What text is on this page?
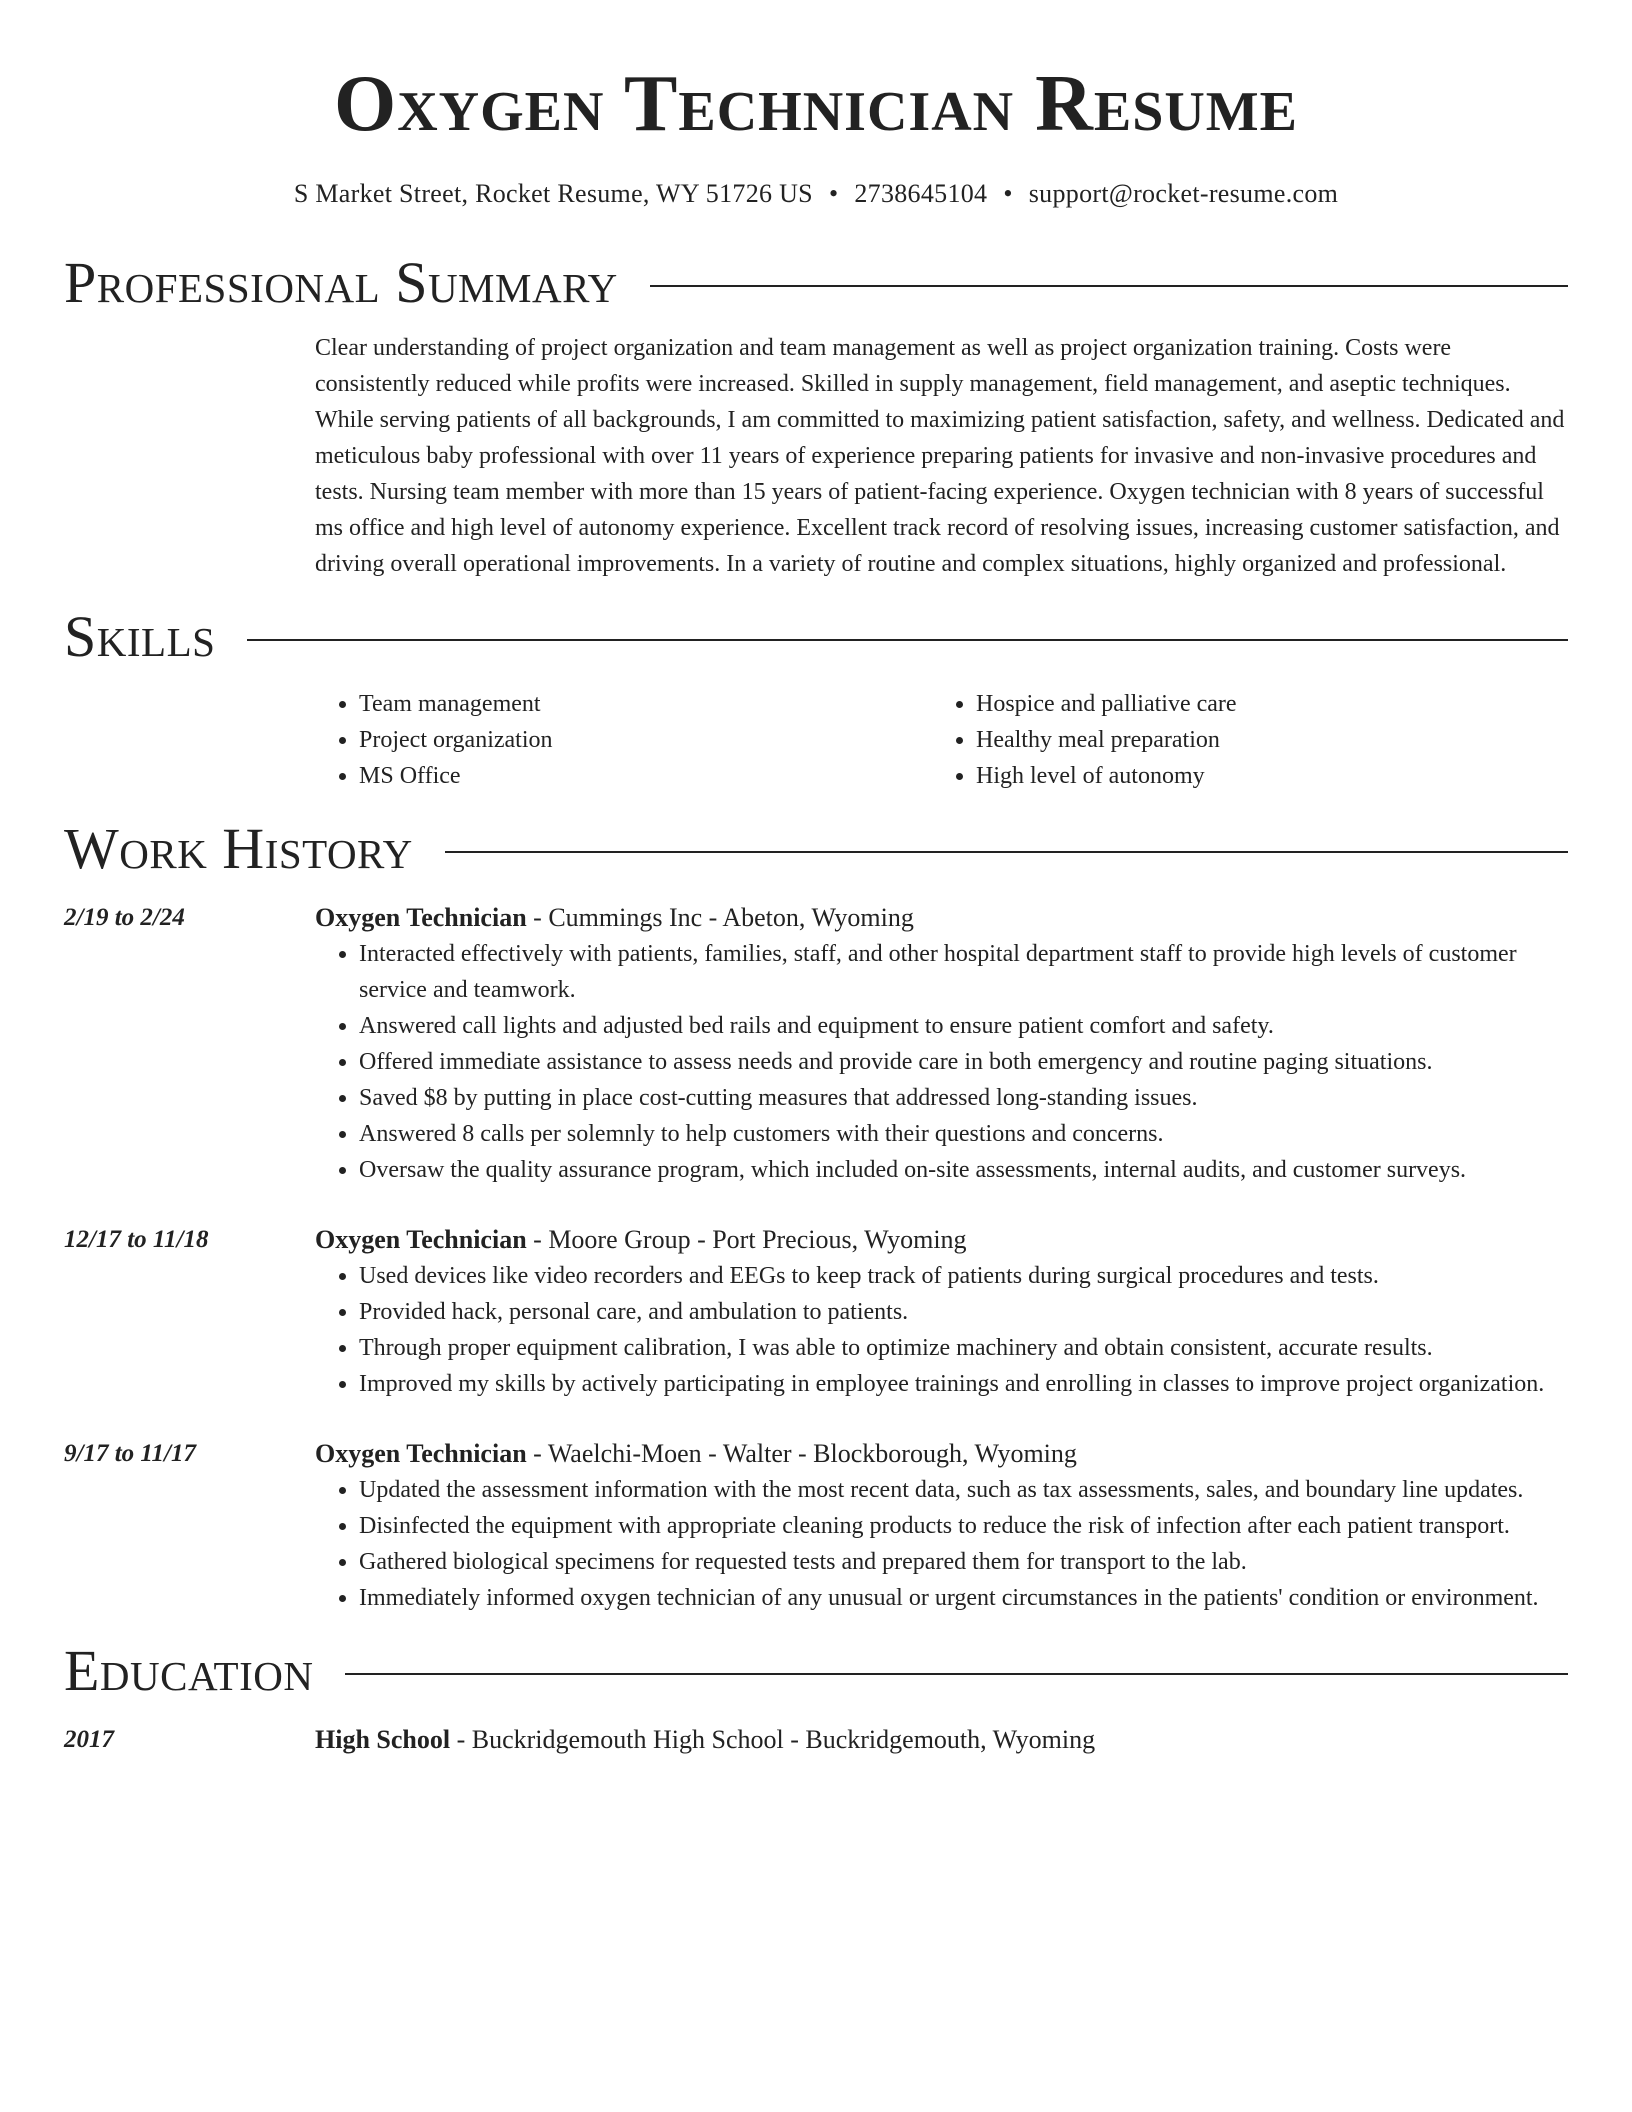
Oxygen Technician Resume
S Market Street, Rocket Resume, WY 51726 US • 2738645104 • support@rocket-resume.com
Professional Summary
Clear understanding of project organization and team management as well as project organization training. Costs were consistently reduced while profits were increased. Skilled in supply management, field management, and aseptic techniques. While serving patients of all backgrounds, I am committed to maximizing patient satisfaction, safety, and wellness. Dedicated and meticulous baby professional with over 11 years of experience preparing patients for invasive and non-invasive procedures and tests. Nursing team member with more than 15 years of patient-facing experience. Oxygen technician with 8 years of successful ms office and high level of autonomy experience. Excellent track record of resolving issues, increasing customer satisfaction, and driving overall operational improvements. In a variety of routine and complex situations, highly organized and professional.
Skills
• Team management
• Project organization
• MS Office
• Hospice and palliative care
• Healthy meal preparation
• High level of autonomy
Work History
2/19 to 2/24	Oxygen Technician - Cummings Inc - Abeton, Wyoming
• Interacted effectively with patients, families, staff, and other hospital department staff to provide high levels of customer service and teamwork.
• Answered call lights and adjusted bed rails and equipment to ensure patient comfort and safety.
• Offered immediate assistance to assess needs and provide care in both emergency and routine paging situations.
• Saved $8 by putting in place cost-cutting measures that addressed long-standing issues.
• Answered 8 calls per solemnly to help customers with their questions and concerns.
• Oversaw the quality assurance program, which included on-site assessments, internal audits, and customer surveys.
12/17 to 11/18	Oxygen Technician - Moore Group - Port Precious, Wyoming
• Used devices like video recorders and EEGs to keep track of patients during surgical procedures and tests.
• Provided hack, personal care, and ambulation to patients.
• Through proper equipment calibration, I was able to optimize machinery and obtain consistent, accurate results.
• Improved my skills by actively participating in employee trainings and enrolling in classes to improve project organization.
9/17 to 11/17	Oxygen Technician - Waelchi-Moen - Walter - Blockborough, Wyoming
• Updated the assessment information with the most recent data, such as tax assessments, sales, and boundary line updates.
• Disinfected the equipment with appropriate cleaning products to reduce the risk of infection after each patient transport.
• Gathered biological specimens for requested tests and prepared them for transport to the lab.
• Immediately informed oxygen technician of any unusual or urgent circumstances in the patients' condition or environment.
Education
2017	High School - Buckridgemouth High School - Buckridgemouth, Wyoming
